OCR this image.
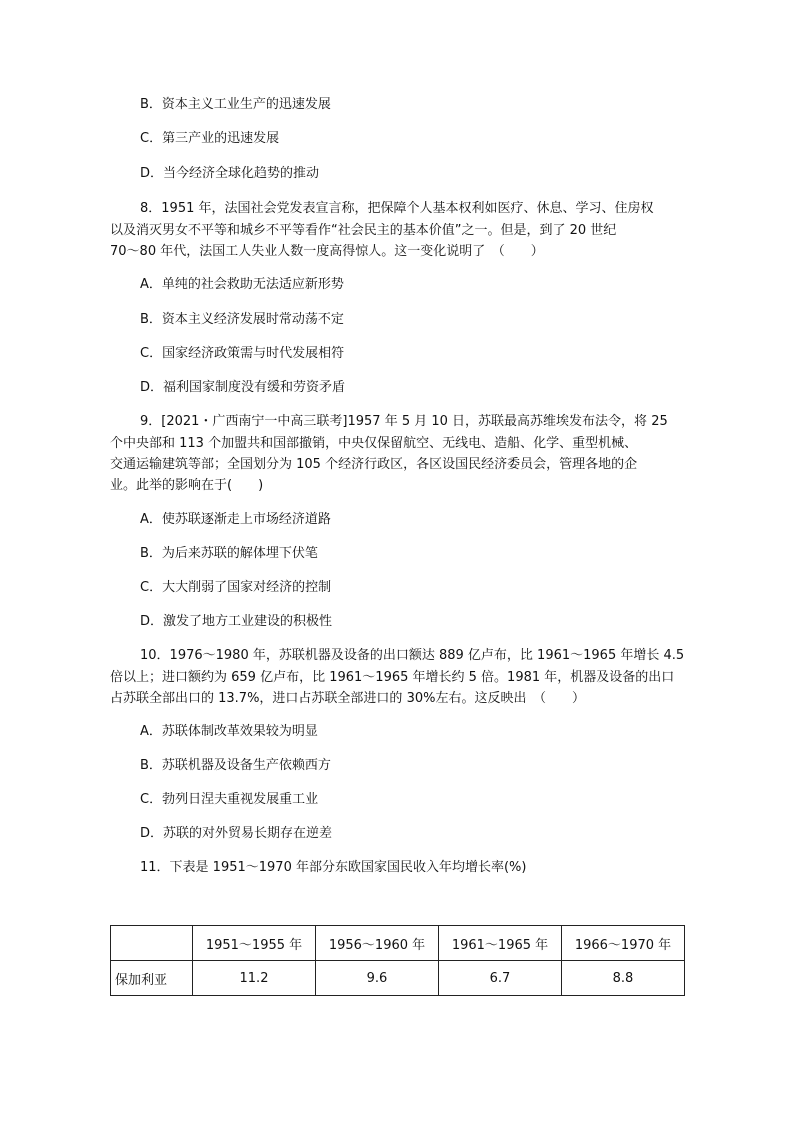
B．资本主义工业生产的迅速发展
C．第三产业的迅速发展
D．当今经济全球化趋势的推动
8．1951 年，法国社会党发表宣言称，把保障个人基本权利如医疗、休息、学习、住房权
以及消灭男女不平等和城乡不平等看作“社会民主的基本价值”之一。但是，到了 20 世纪
70～80 年代，法国工人失业人数一度高得惊人。这一变化说明了　（　　）
A．单纯的社会救助无法适应新形势
B．资本主义经济发展时常动荡不定
C．国家经济政策需与时代发展相符
D．福利国家制度没有缓和劳资矛盾
9．[2021・广西南宁一中高三联考]1957 年 5 月 10 日，苏联最高苏维埃发布法令，将 25
个中央部和 113 个加盟共和国部撤销，中央仅保留航空、无线电、造船、化学、重型机械、
交通运输建筑等部；全国划分为 105 个经济行政区，各区设国民经济委员会，管理各地的企
业。此举的影响在于(　　)
A．使苏联逐渐走上市场经济道路
B．为后来苏联的解体埋下伏笔
C．大大削弱了国家对经济的控制
D．激发了地方工业建设的积极性
10．1976～1980 年，苏联机器及设备的出口额达 889 亿卢布，比 1961～1965 年增长 4.5
倍以上；进口额约为 659 亿卢布，比 1961～1965 年增长约 5 倍。1981 年，机器及设备的出口
占苏联全部出口的 13.7%，进口占苏联全部进口的 30%左右。这反映出　（　　）
A．苏联体制改革效果较为明显
B．苏联机器及设备生产依赖西方
C．勃列日涅夫重视发展重工业
D．苏联的对外贸易长期存在逆差
11．下表是 1951～1970 年部分东欧国家国民收入年均增长率(%)
	1951～1955 年	1956～1960 年	1961～1965 年	1966～1970 年
保加利亚	11.2	9.6	6.7	8.8
